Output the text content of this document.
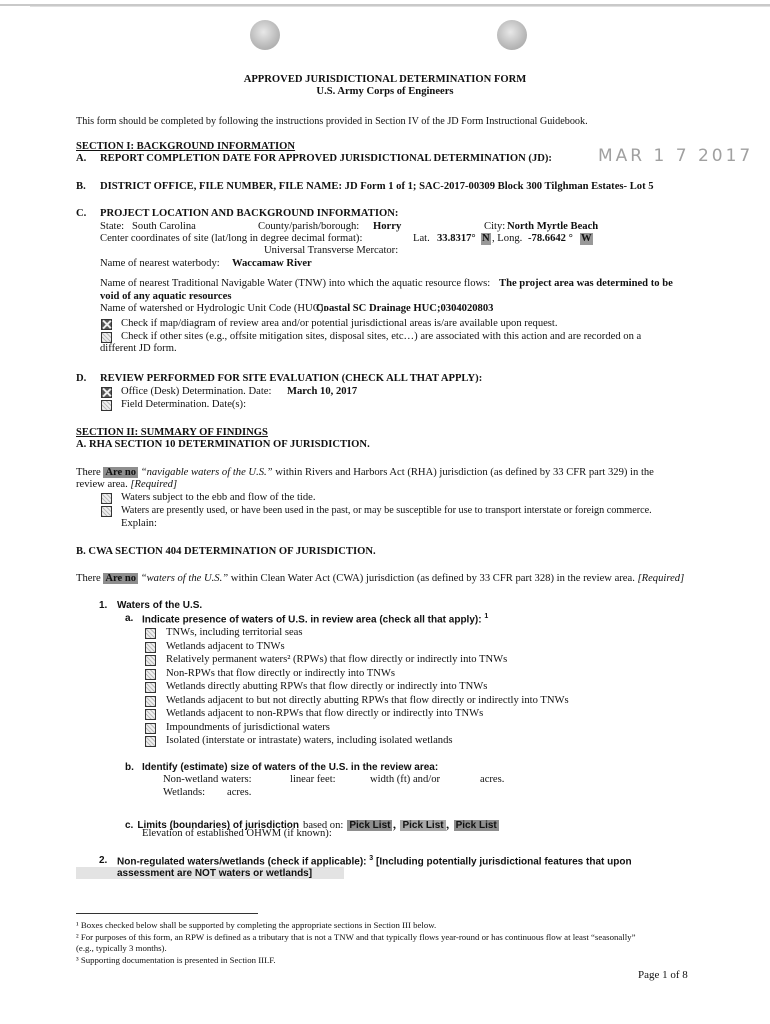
APPROVED JURISDICTIONAL DETERMINATION FORM
U.S. Army Corps of Engineers
This form should be completed by following the instructions provided in Section IV of the JD Form Instructional Guidebook.
SECTION I: BACKGROUND INFORMATION
A. REPORT COMPLETION DATE FOR APPROVED JURISDICTIONAL DETERMINATION (JD):	MAR 1 7 2017
B. DISTRICT OFFICE, FILE NUMBER, FILE NAME: JD Form 1 of 1; SAC-2017-00309 Block 300 Tilghman Estates- Lot 5
C. PROJECT LOCATION AND BACKGROUND INFORMATION:
State: South Carolina	County/parish/borough: Horry	City: North Myrtle Beach
Center coordinates of site (lat/long in degree decimal format):	Lat. 33.8317° N , Long. -78.6642 ° W
Universal Transverse Mercator:
Name of nearest waterbody: Waccamaw River
Name of nearest Traditional Navigable Water (TNW) into which the aquatic resource flows: The project area was determined to be
void of any aquatic resources
Name of watershed or Hydrologic Unit Code (HUC):
Coastal SC Drainage HUC;0304020803
Check if map/diagram of review area and/or potential jurisdictional areas is/are available upon request.
Check if other sites (e.g., offsite mitigation sites, disposal sites, etc…) are associated with this action and are recorded on a
different JD form.
D. REVIEW PERFORMED FOR SITE EVALUATION (CHECK ALL THAT APPLY):
Office (Desk) Determination. Date: March 10, 2017
Field Determination. Date(s):
SECTION II: SUMMARY OF FINDINGS
A. RHA SECTION 10 DETERMINATION OF JURISDICTION.
There Are no “navigable waters of the U.S.” within Rivers and Harbors Act (RHA) jurisdiction (as defined by 33 CFR part 329) in the
review area. [Required]
Waters subject to the ebb and flow of the tide.
Waters are presently used, or have been used in the past, or may be susceptible for use to transport interstate or foreign commerce.
Explain:
B. CWA SECTION 404 DETERMINATION OF JURISDICTION.
There Are no “waters of the U.S.” within Clean Water Act (CWA) jurisdiction (as defined by 33 CFR part 328) in the review area. [Required]
1. Waters of the U.S.
a. Indicate presence of waters of U.S. in review area (check all that apply): $^1$
TNWs, including territorial seas
Wetlands adjacent to TNWs
Relatively permanent waters² (RPWs) that flow directly or indirectly into TNWs
Non-RPWs that flow directly or indirectly into TNWs
Wetlands directly abutting RPWs that flow directly or indirectly into TNWs
Wetlands adjacent to but not directly abutting RPWs that flow directly or indirectly into TNWs
Wetlands adjacent to non-RPWs that flow directly or indirectly into TNWs
Impoundments of jurisdictional waters
Isolated (interstate or intrastate) waters, including isolated wetlands
b. Identify (estimate) size of waters of the U.S. in the review area:
Non-wetland waters:	linear feet:	width (ft) and/or	acres.
Wetlands: acres.
c. Limits (boundaries) of jurisdiction based on: Pick List , Pick List , Pick List
Elevation of established OHWM (if known):
2. Non-regulated waters/wetlands (check if applicable): $^3$ [Including potentially jurisdictional features that upon
assessment are NOT waters or wetlands]
¹ Boxes checked below shall be supported by completing the appropriate sections in Section III below.
² For purposes of this form, an RPW is defined as a tributary that is not a TNW and that typically flows year-round or has continuous flow at least “seasonally”
(e.g., typically 3 months).
³ Supporting documentation is presented in Section III.F.
Page 1 of 8
